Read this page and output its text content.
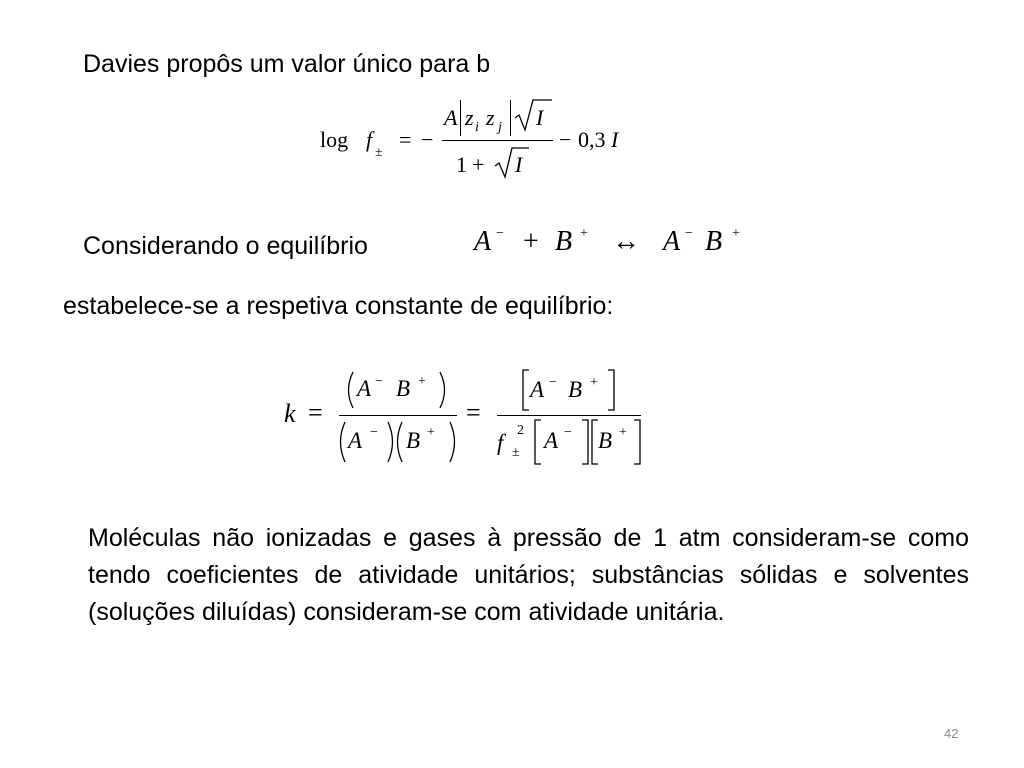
Davies propôs um valor único para b
log f
±
= −
A z i z j I
1 + I
− 0,3 I
Considerando o equilíbrio	A − + B + ↔ A − B +
estabelece-se a respetiva constante de equilíbrio:
k =
A − B +
A − B +
=
A − B +
f 2
± A − B +
Moléculas não ionizadas e gases à pressão de 1 atm consideram-se como tendo coeficientes de atividade unitários; substâncias sólidas e solventes (soluções diluídas) consideram-se com atividade unitária.
42
